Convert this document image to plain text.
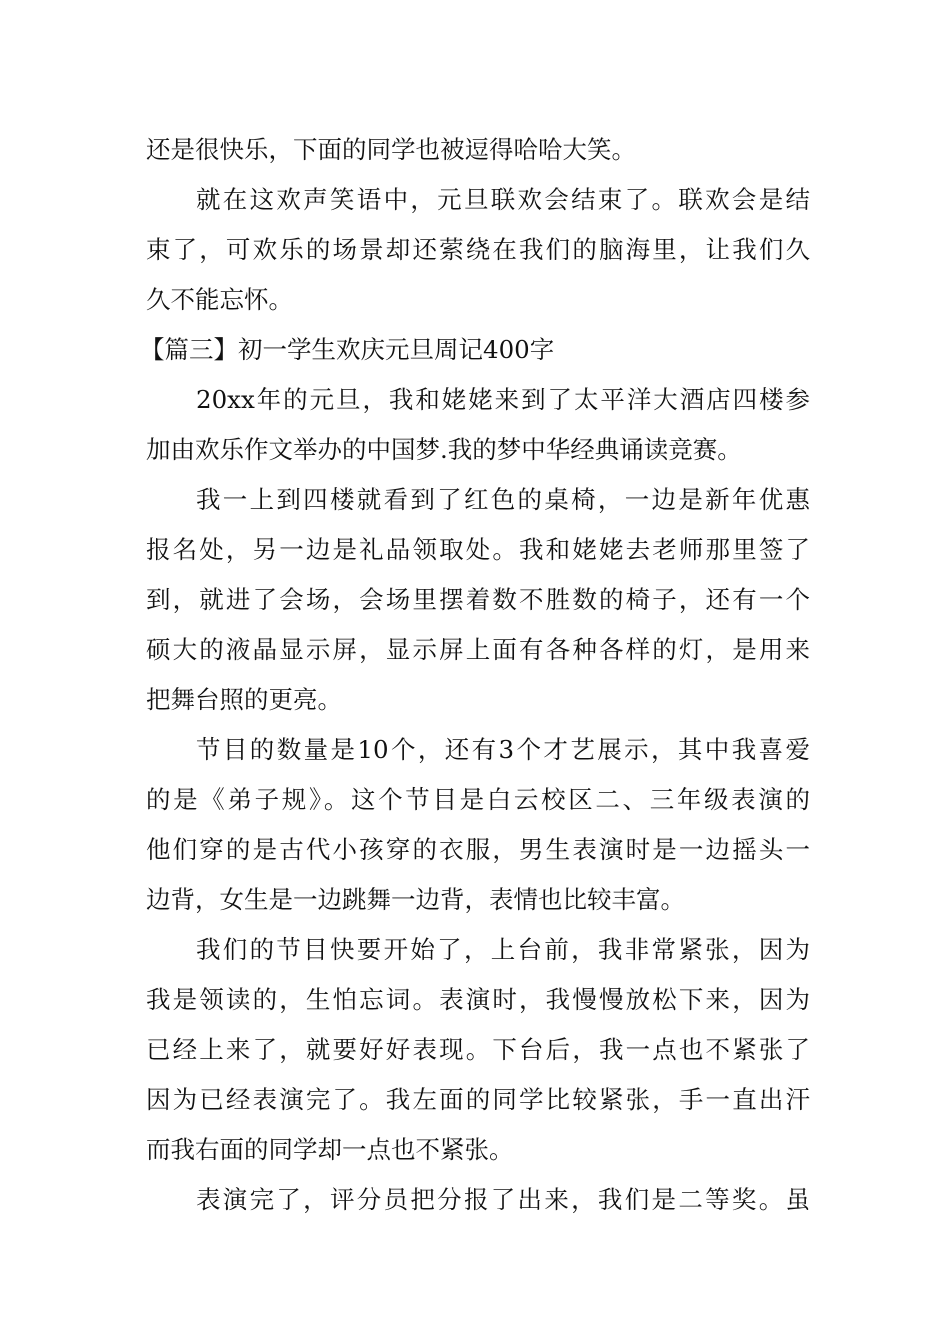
还是很快乐，下面的同学也被逗得哈哈大笑。
就在这欢声笑语中，元旦联欢会结束了。联欢会是结
束了，可欢乐的场景却还萦绕在我们的脑海里，让我们久
久不能忘怀。
【篇三】初一学生欢庆元旦周记400字
20xx年的元旦，我和姥姥来到了太平洋大酒店四楼参
加由欢乐作文举办的中国梦.我的梦中华经典诵读竞赛。
我一上到四楼就看到了红色的桌椅，一边是新年优惠
报名处，另一边是礼品领取处。我和姥姥去老师那里签了
到，就进了会场，会场里摆着数不胜数的椅子，还有一个
硕大的液晶显示屏，显示屏上面有各种各样的灯，是用来
把舞台照的更亮。
节目的数量是10个，还有3个才艺展示，其中我喜爱
的是《弟子规》。这个节目是白云校区二、三年级表演的
他们穿的是古代小孩穿的衣服，男生表演时是一边摇头一
边背，女生是一边跳舞一边背，表情也比较丰富。
我们的节目快要开始了，上台前，我非常紧张，因为
我是领读的，生怕忘词。表演时，我慢慢放松下来，因为
已经上来了，就要好好表现。下台后，我一点也不紧张了
因为已经表演完了。我左面的同学比较紧张，手一直出汗
而我右面的同学却一点也不紧张。
表演完了，评分员把分报了出来，我们是二等奖。虽
